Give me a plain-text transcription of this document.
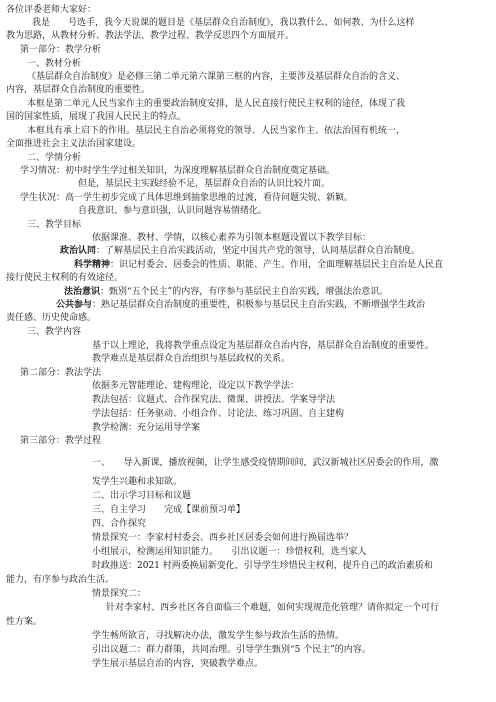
各位评委老师大家好：
我是　　号选手，我今天说课的题目是《基层群众自治制度》，我以教什么、如何教、为什么这样
教为思路，从教材分析、教法学法、教学过程、教学反思四个方面展开。
第一部分：教学分析
一、教材分析
《基层群众自治制度》是必修三第二单元第六课第三框的内容，主要涉及基层群众自治的含义、
内容，基层群众自治制度的重要性。
本框是第二单元人民当家作主的重要政治制度安排，是人民直接行使民主权利的途径，体现了我
国的国家性质，展现了我国人民民主的特点。
本框具有承上启下的作用。基层民主自治必须将党的领导、人民当家作主、依法治国有机统一，
全面推进社会主义法治国家建设。
二、学情分析
学习情况：初中时学生学过相关知识，为深度理解基层群众自治制度奠定基础。
但是，基层民主实践经验不足，基层群众自治的认识比较片面。
学生状况：高一学生初步完成了具体思维到抽象思维的过渡，看待问题尖锐、新颖。
自我意识、参与意识强，认识问题容易情绪化。
三、教学目标
依据课准、教材、学情，以核心素养为引领本框题设置以下教学目标：
政治认同 ：了解基层民主自治实践活动，坚定中国共产党的领导，认同基层群众自治制度。
科学精神 ：识记村委会、居委会的性质、职能、产生、作用，全面理解基层民主自治是人民直
接行使民主权利的有效途径。
法治意识 ：甄别“五个民主”的内容，有序参与基层民主自治实践，增强法治意识。
公共参与 ：熟记基层群众自治制度的重要性，积极参与基层民主自治实践，不断增强学生政治
责任感、历史使命感。
三、教学内容
基于以上理论，我将教学重点设定为基层群众自治内容，基层群众自治制度的重要性。
教学难点是基层群众自治组织与基层政权的关系。
第二部分：教法学法
依据多元智能理论、建构理论，设定以下教学学法：
教法包括：议题式、合作探究法、微课、讲授法、学案导学法
学法包括：任务驱动、小组合作、讨论法、练习巩固、自主建构
教学检测：充分运用导学案
第三部分：教学过程
一、　　导入新课，播放视频，让学生感受疫情期间间，武汉新城社区居委会的作用，激
发学生兴趣和求知欲。
二、出示学习目标和议题
三、自主学习　　完成【课前预习单】
四、合作探究
情景探究一：李家村村委会、西乡社区居委会如何进行换届选举？
小组展示，检测运用知识能力。　　引出议题一：珍惜权利，选当家人
时政推送：2021 村两委换届新变化，引导学生珍惜民主权利，提升自己的政治素质和
能力，有序参与政治生活。
情景探究二：
针对李家村、西乡社区各自面临三个难题，如何实现规范化管理？请你拟定一个可行
性方案。
学生畅所欲言，寻找解决办法，激发学生参与政治生活的热情。
引出议题二：群力群策，共同治理。引导学生甄别“5 个民主”的内容。
学生展示基层自治的内容，突破教学难点。
